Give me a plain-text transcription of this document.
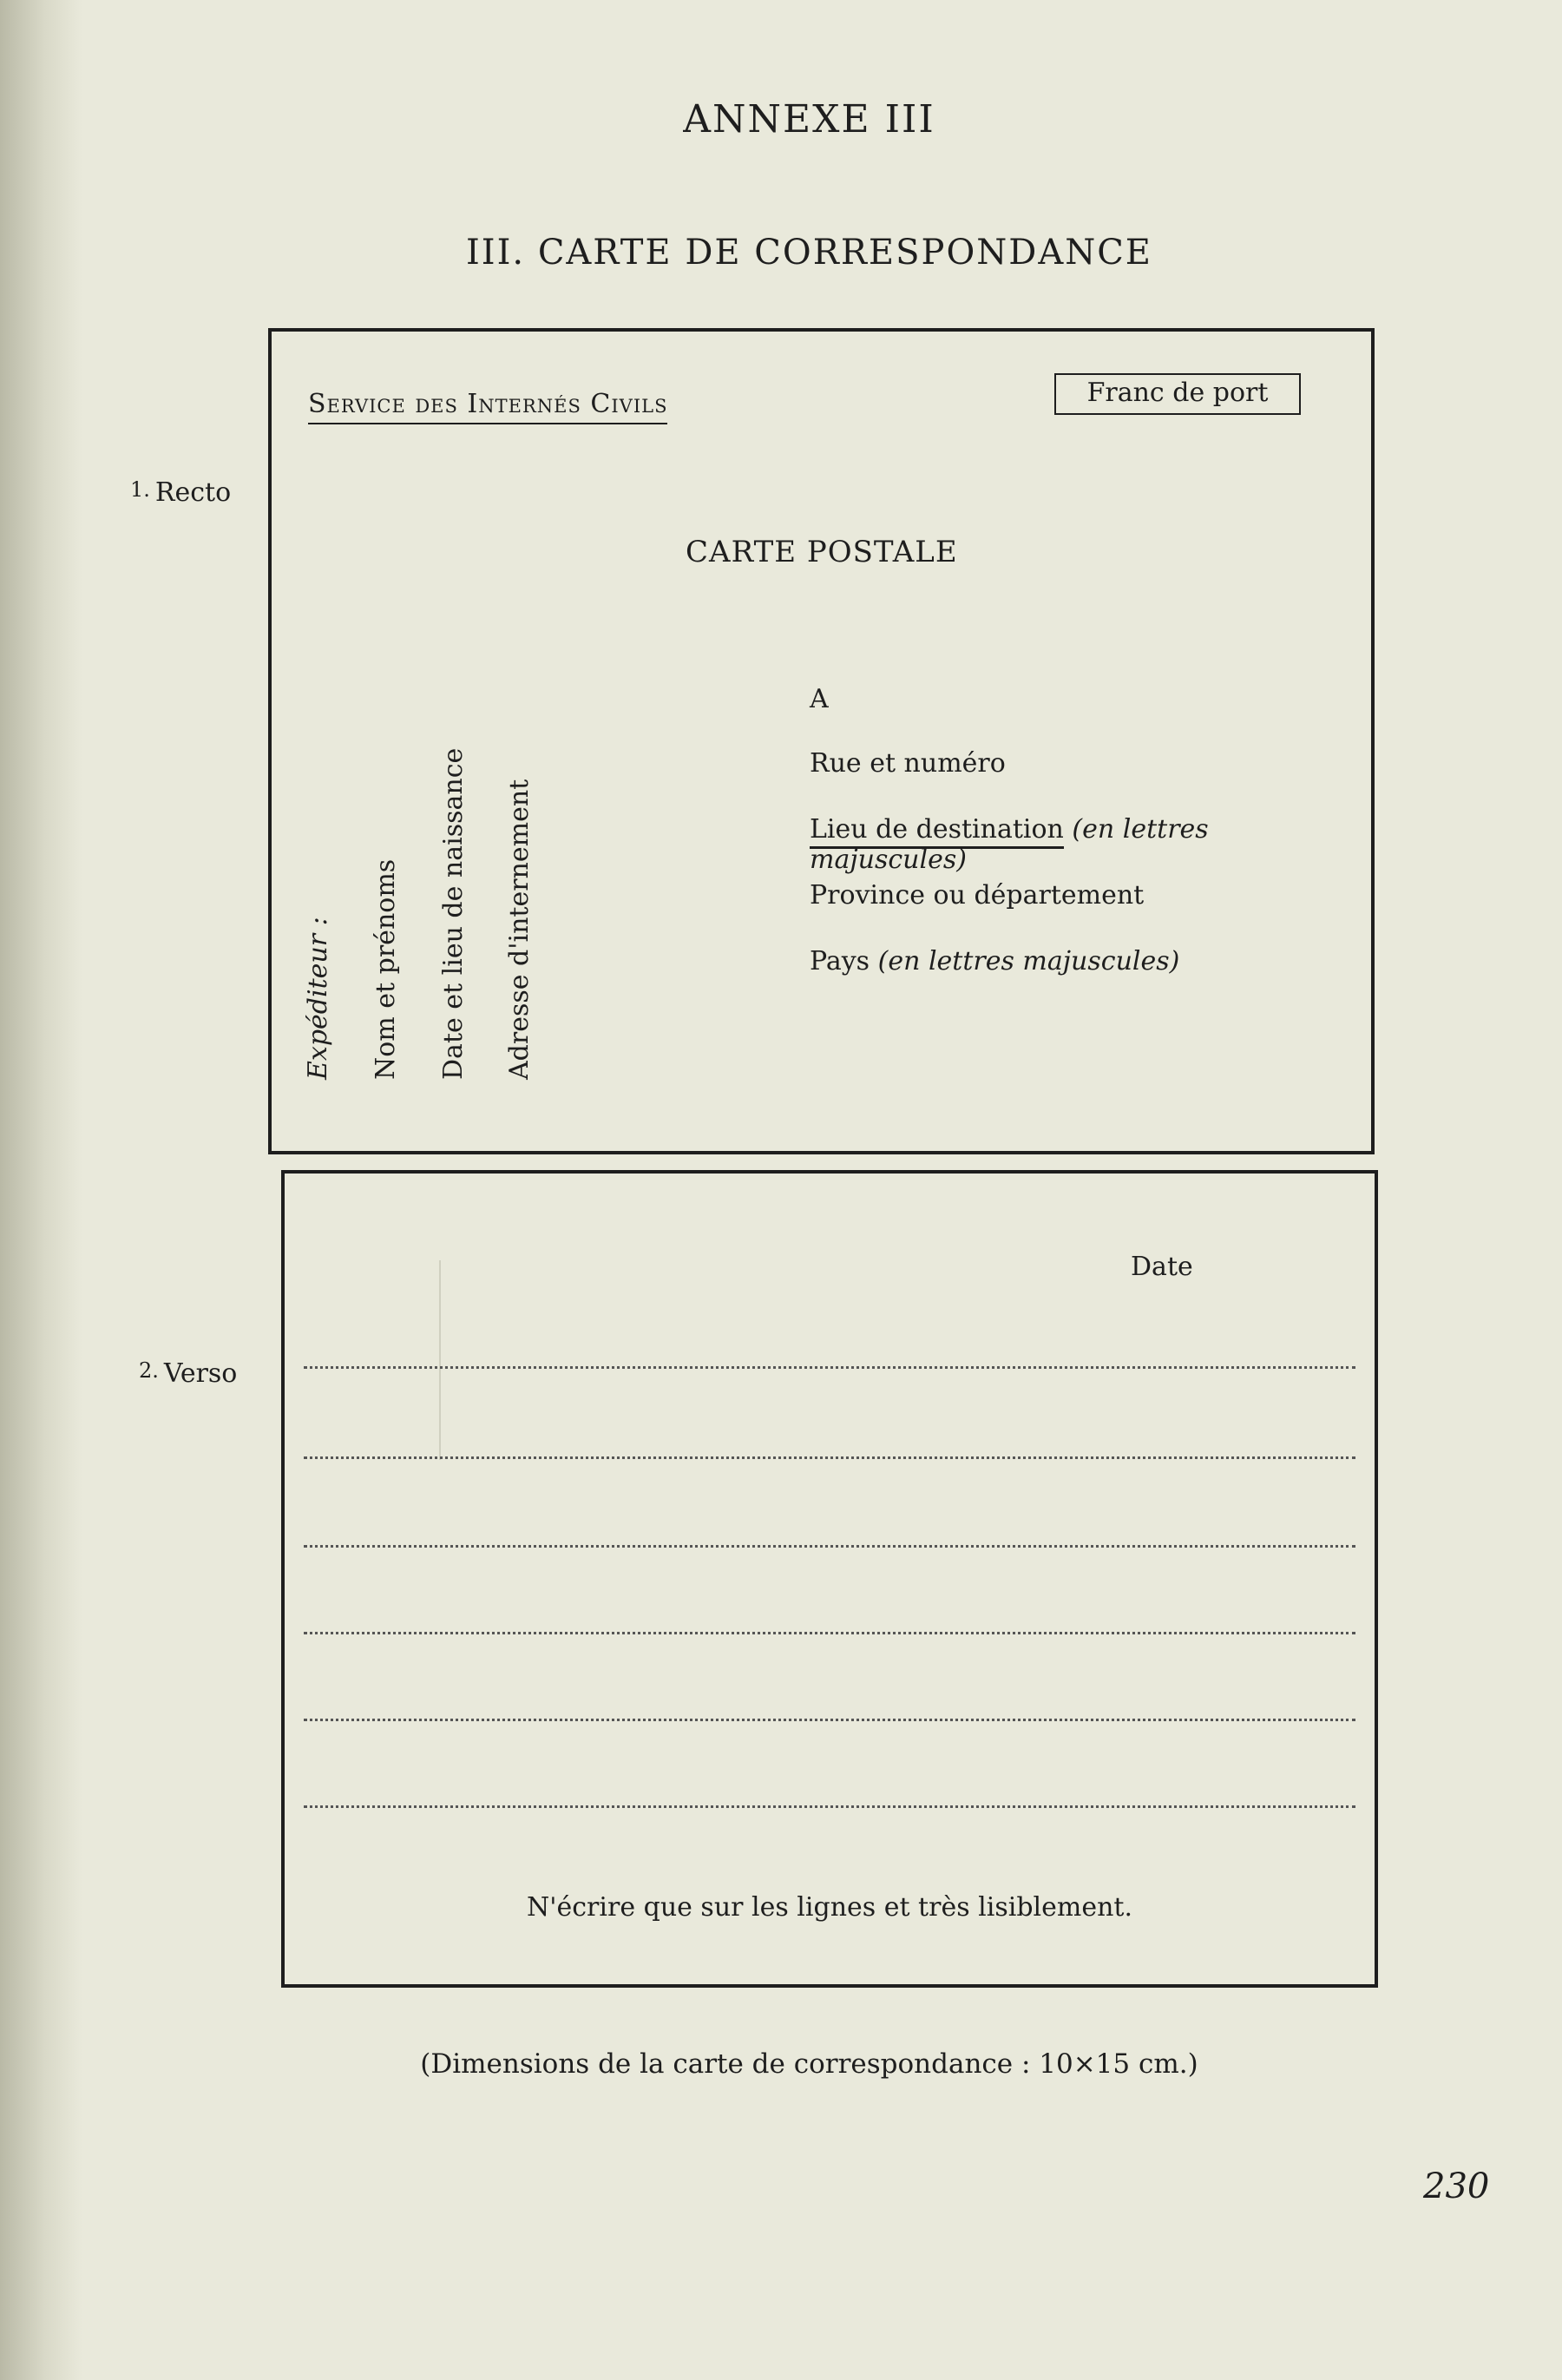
ANNEXE III
III. CARTE DE CORRESPONDANCE
$^{1.}$ Recto
Service des Internés Civils	Franc de port
CARTE POSTALE
A
Rue et numéro
Lieu de destination (en lettres majuscules)
Province ou département
Pays (en lettres majuscules)
Expéditeur : Nom et prénoms Date et lieu de naissance Adresse d'internement
$^{2.}$ Verso
Date
N'écrire que sur les lignes et très lisiblement.
(Dimensions de la carte de correspondance : 10×15 cm.)
230
